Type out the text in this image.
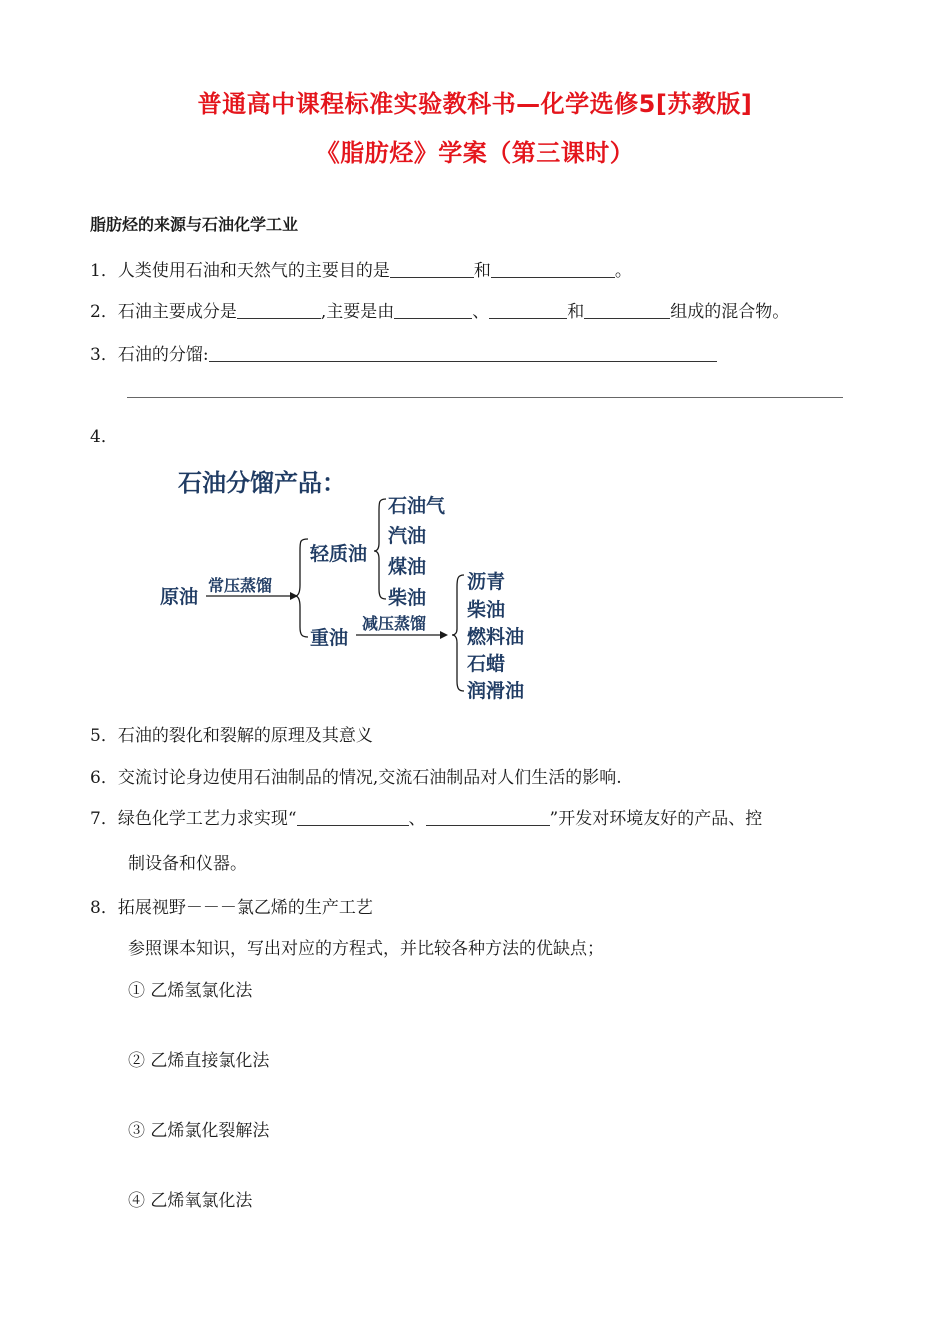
普通高中课程标准实验教科书—化学选修5[苏教版]
《脂肪烃》学案（第三课时）
脂肪烃的来源与石油化学工业
1．人类使用石油和天然气的主要目的是	和	。
2．石油主要成分是	,主要是由	、	和	组成的混合物。
3．石油的分馏:
4．
石油分馏产品：
原油
常压蒸馏
轻质油
重油
减压蒸馏
石油气
汽油
煤油
柴油
沥青
柴油
燃料油
石蜡
润滑油
5．石油的裂化和裂解的原理及其意义
6．交流讨论身边使用石油制品的情况,交流石油制品对人们生活的影响.
7．绿色化学工艺力求实现“	、	”开发对环境友好的产品、控
制设备和仪器。
8．拓展视野－－－氯乙烯的生产工艺
参照课本知识，写出对应的方程式，并比较各种方法的优缺点；
① 乙烯氢氯化法
② 乙烯直接氯化法
③ 乙烯氯化裂解法
④ 乙烯氧氯化法
